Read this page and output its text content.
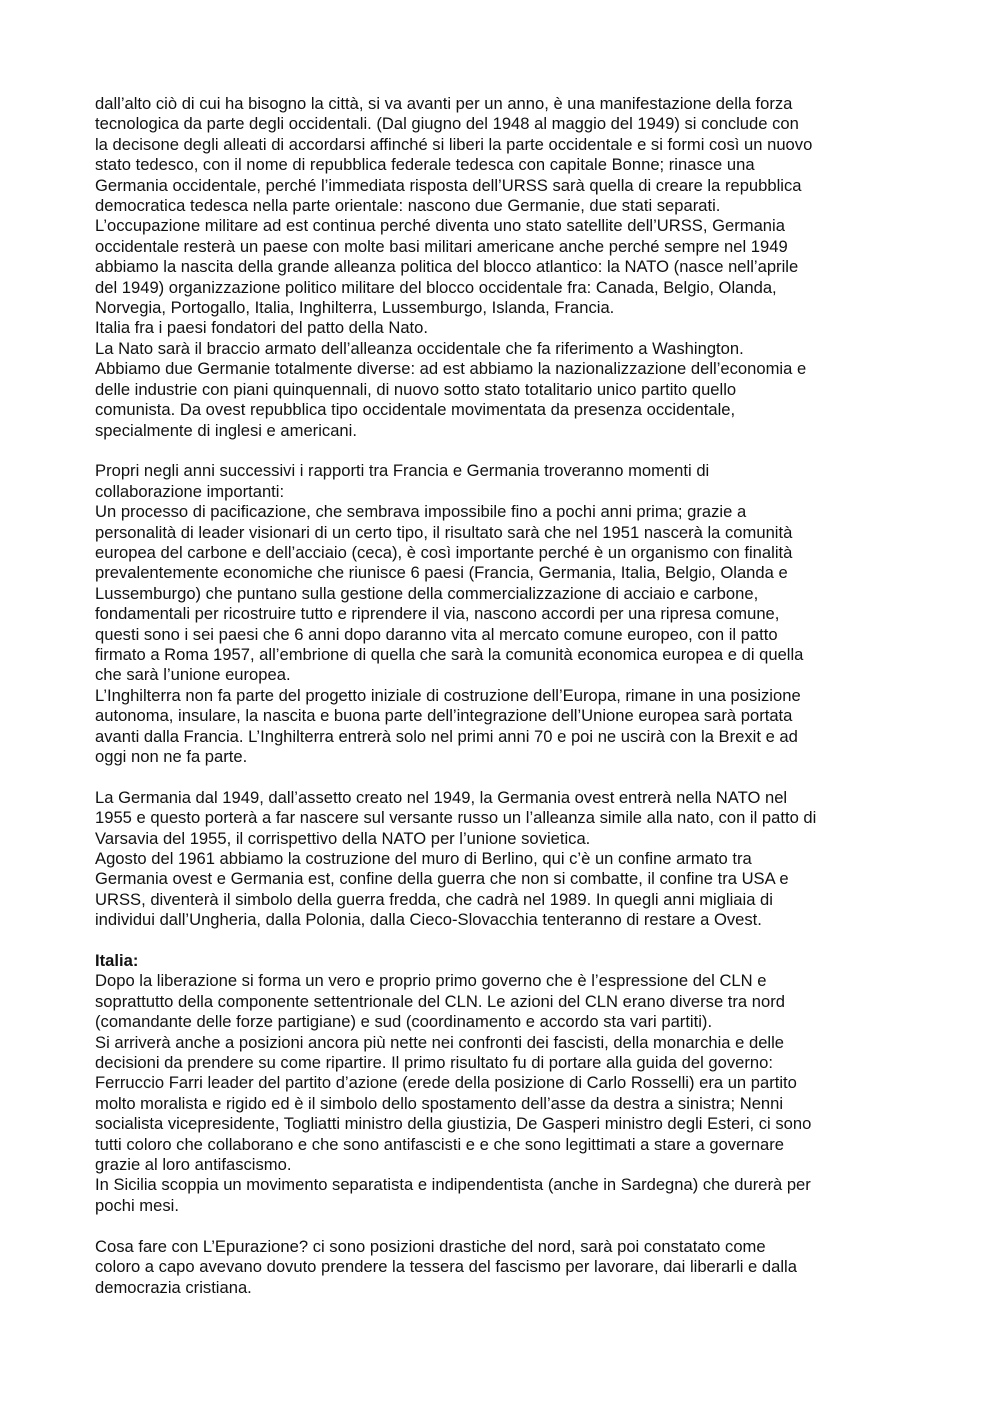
dall’alto ciò di cui ha bisogno la città, si va avanti per un anno, è una manifestazione della forza

tecnologica da parte degli occidentali. (Dal giugno del 1948 al maggio del 1949) si conclude con

la decisone degli alleati di accordarsi affinché si liberi la parte occidentale e si formi così un nuovo

stato tedesco, con il nome di repubblica federale tedesca con capitale Bonne; rinasce una

Germania occidentale, perché l’immediata risposta dell’URSS sarà quella di creare la repubblica

democratica tedesca nella parte orientale: nascono due Germanie, due stati separati.

L’occupazione militare ad est continua perché diventa uno stato satellite dell’URSS, Germania

occidentale resterà un paese con molte basi militari americane anche perché sempre nel 1949

abbiamo la nascita della grande alleanza politica del blocco atlantico: la NATO (nasce nell’aprile

del 1949) organizzazione politico militare del blocco occidentale fra: Canada, Belgio, Olanda,

Norvegia, Portogallo, Italia, Inghilterra, Lussemburgo, Islanda, Francia.

Italia fra i paesi fondatori del patto della Nato.

La Nato sarà il braccio armato dell’alleanza occidentale che fa riferimento a Washington.

Abbiamo due Germanie totalmente diverse: ad est abbiamo la nazionalizzazione dell’economia e

delle industrie con piani quinquennali, di nuovo sotto stato totalitario unico partito quello

comunista. Da ovest repubblica tipo occidentale movimentata da presenza occidentale,

specialmente di inglesi e americani.

Propri negli anni successivi i rapporti tra Francia e Germania troveranno momenti di

collaborazione importanti:

Un processo di pacificazione, che sembrava impossibile fino a pochi anni prima; grazie a

personalità di leader visionari di un certo tipo, il risultato sarà che nel 1951 nascerà la comunità

europea del carbone e dell’acciaio (ceca), è così importante perché è un organismo con finalità

prevalentemente economiche che riunisce 6 paesi (Francia, Germania, Italia, Belgio, Olanda e

Lussemburgo) che puntano sulla gestione della commercializzazione di acciaio e carbone,

fondamentali per ricostruire tutto e riprendere il via, nascono accordi per una ripresa comune,

questi sono i sei paesi che 6 anni dopo daranno vita al mercato comune europeo, con il patto

firmato a Roma 1957, all’embrione di quella che sarà la comunità economica europea e di quella

che sarà l’unione europea.

L’Inghilterra non fa parte del progetto iniziale di costruzione dell’Europa, rimane in una posizione

autonoma, insulare, la nascita e buona parte dell’integrazione dell’Unione europea sarà portata

avanti dalla Francia. L’Inghilterra entrerà solo nel primi anni 70 e poi ne uscirà con la Brexit e ad

oggi non ne fa parte.

La Germania dal 1949, dall’assetto creato nel 1949, la Germania ovest entrerà nella NATO nel

1955 e questo porterà a far nascere sul versante russo un l’alleanza simile alla nato, con il patto di

Varsavia del 1955, il corrispettivo della NATO per l’unione sovietica.

Agosto del 1961 abbiamo la costruzione del muro di Berlino, qui c’è un confine armato tra

Germania ovest e Germania est, confine della guerra che non si combatte, il confine tra USA e

URSS, diventerà il simbolo della guerra fredda, che cadrà nel 1989. In quegli anni migliaia di

individui dall’Ungheria, dalla Polonia, dalla Cieco-Slovacchia tenteranno di restare a Ovest.

Italia:

Dopo la liberazione si forma un vero e proprio primo governo che è l’espressione del CLN e

soprattutto della componente settentrionale del CLN. Le azioni del CLN erano diverse tra nord

(comandante delle forze partigiane) e sud (coordinamento e accordo sta vari partiti).

Si arriverà anche a posizioni ancora più nette nei confronti dei fascisti, della monarchia e delle

decisioni da prendere su come ripartire. Il primo risultato fu di portare alla guida del governo:

Ferruccio Farri leader del partito d’azione (erede della posizione di Carlo Rosselli) era un partito

molto moralista e rigido ed è il simbolo dello spostamento dell’asse da destra a sinistra; Nenni

socialista vicepresidente, Togliatti ministro della giustizia, De Gasperi ministro degli Esteri, ci sono

tutti coloro che collaborano e che sono antifascisti e e che sono legittimati a stare a governare

grazie al loro antifascismo.

In Sicilia scoppia un movimento separatista e indipendentista (anche in Sardegna) che durerà per

pochi mesi.

Cosa fare con L’Epurazione? ci sono posizioni drastiche del nord, sarà poi constatato come

coloro a capo avevano dovuto prendere la tessera del fascismo per lavorare, dai liberarli e dalla

democrazia cristiana.
